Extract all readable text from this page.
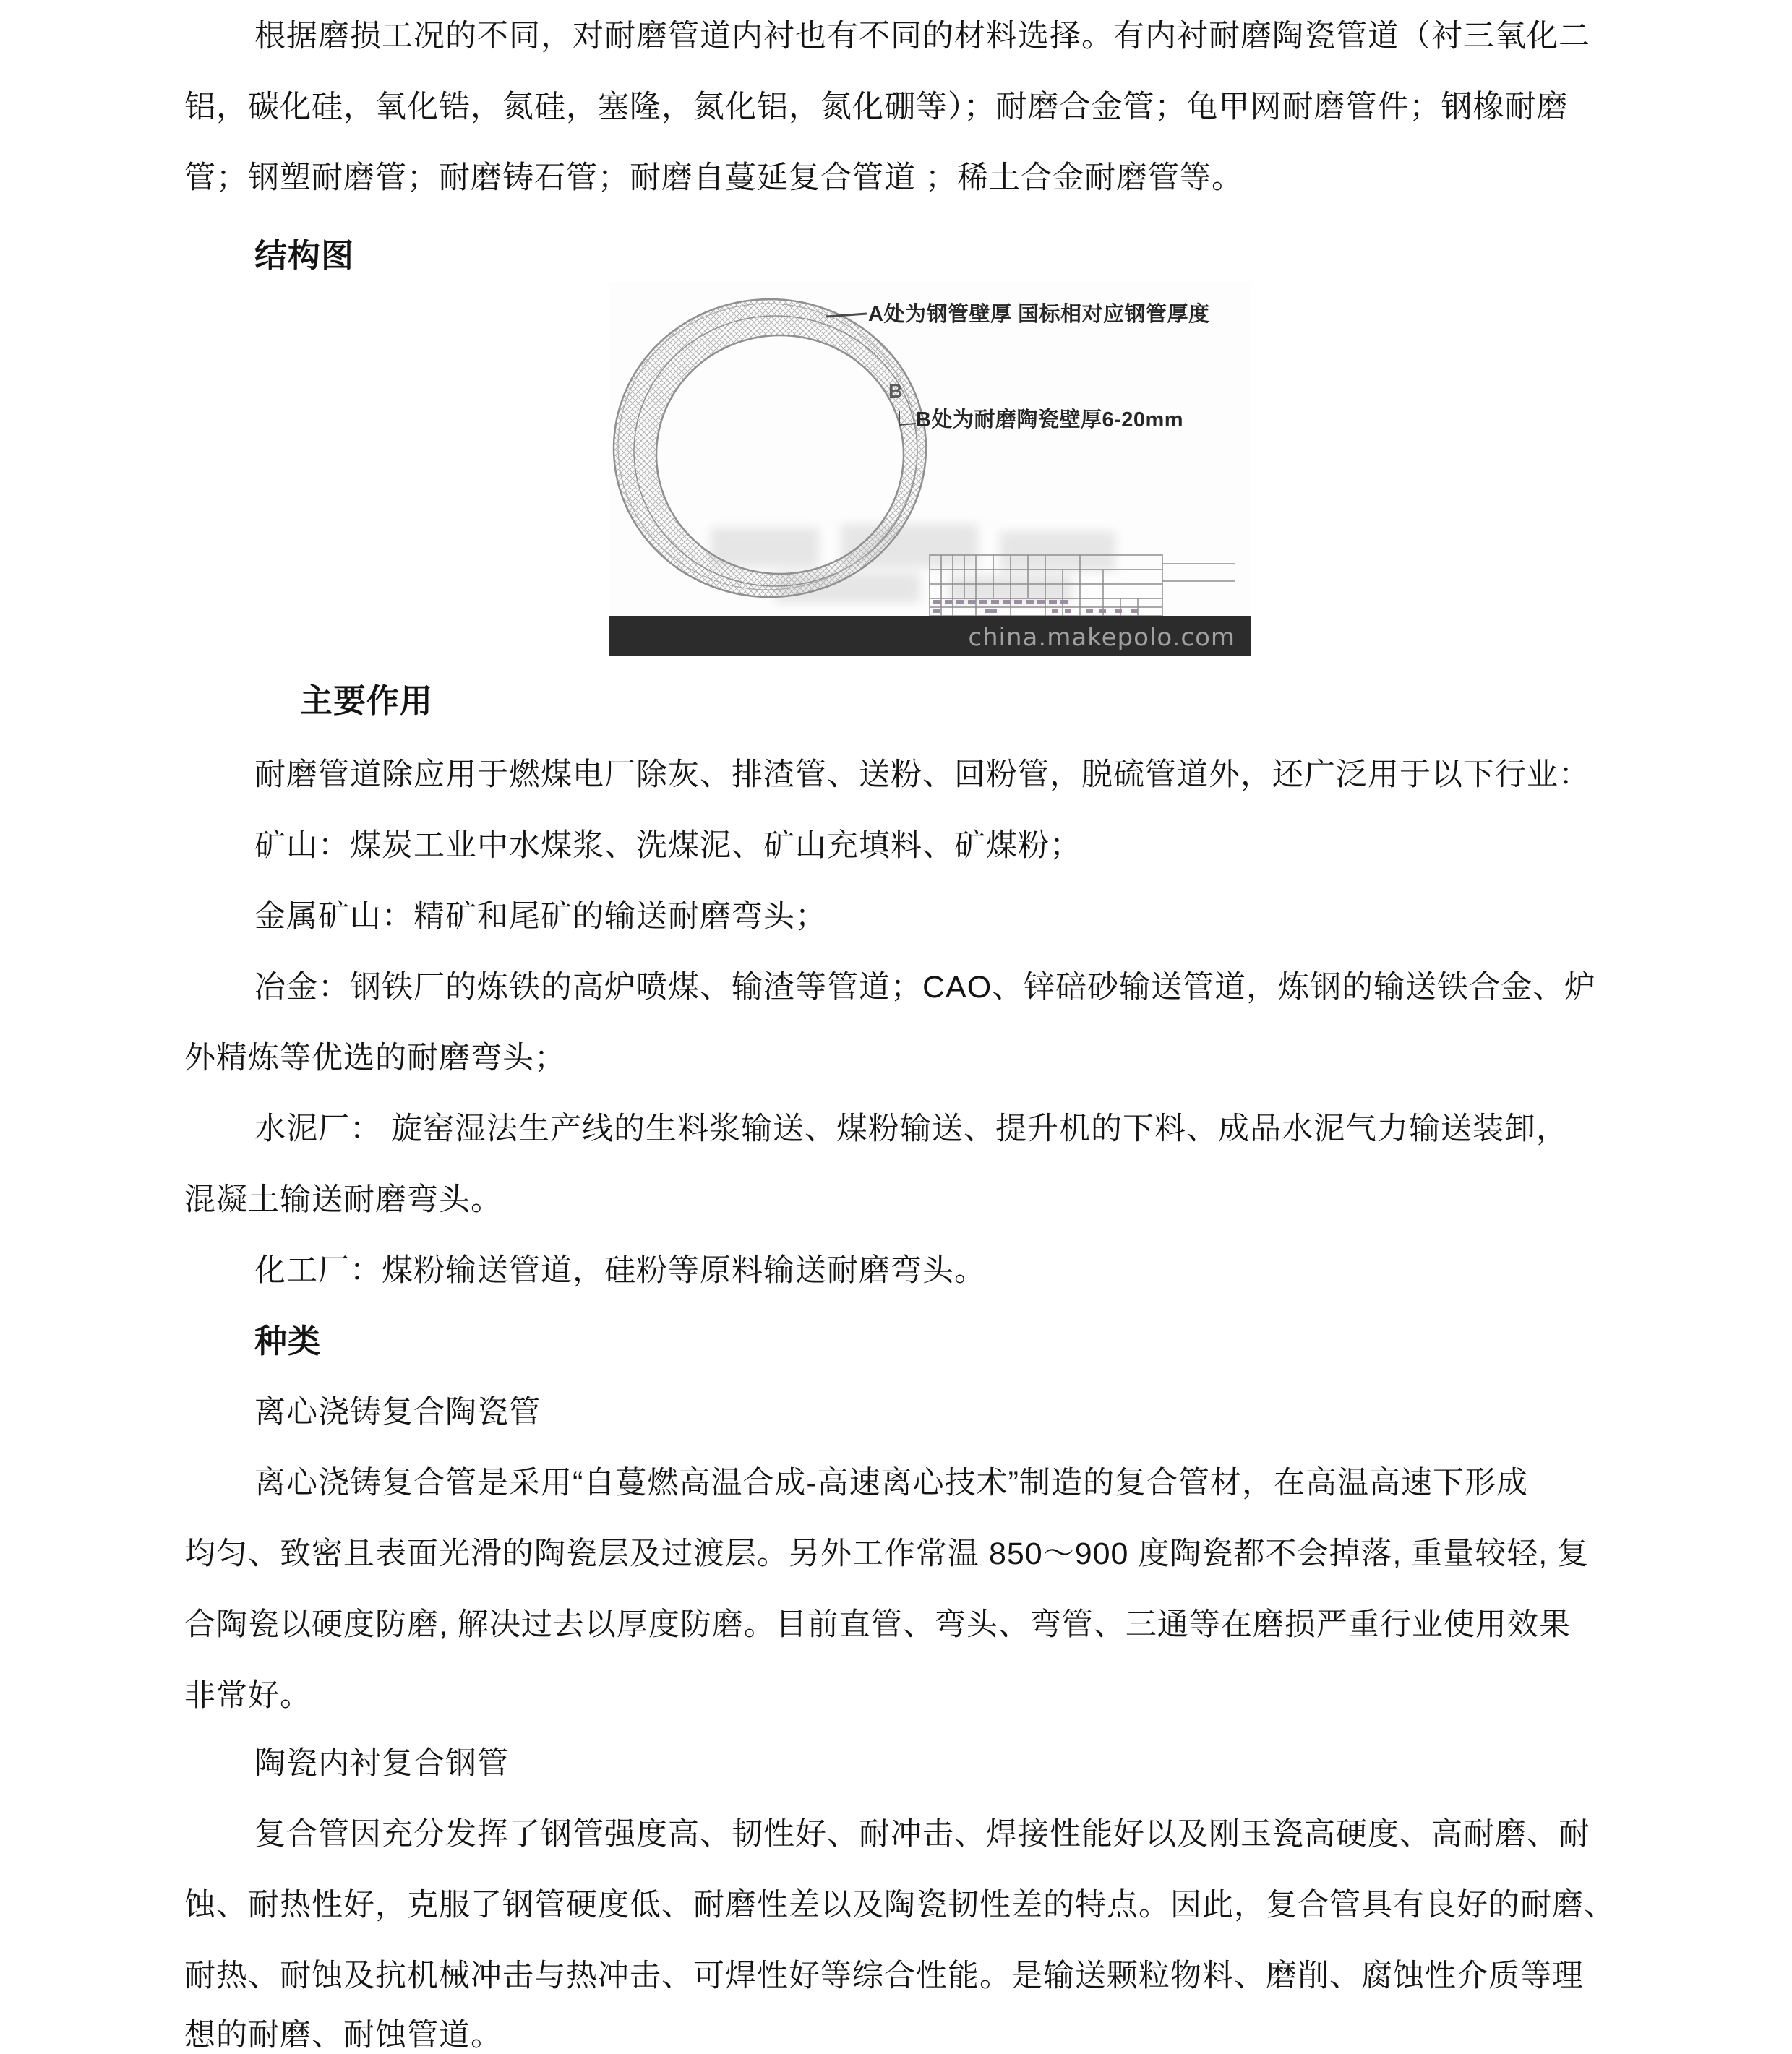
B
A处为钢管壁厚 国标相对应钢管厚度
B处为耐磨陶瓷壁厚6-20mm
china.makepolo.com
根据磨损工况的不同，对耐磨管道内衬也有不同的材料选择。有内衬耐磨陶瓷管道（衬三氧化二
铝，碳化硅，氧化锆，氮硅，塞隆，氮化铝，氮化硼等）；耐磨合金管；龟甲网耐磨管件；钢橡耐磨
管；钢塑耐磨管；耐磨铸石管；耐磨自蔓延复合管道 ；稀土合金耐磨管等。
结构图
主要作用
耐磨管道除应用于燃煤电厂除灰、排渣管、送粉、回粉管，脱硫管道外，还广泛用于以下行业：
矿山：煤炭工业中水煤浆、洗煤泥、矿山充填料、矿煤粉；
金属矿山：精矿和尾矿的输送耐磨弯头；
冶金：钢铁厂的炼铁的高炉喷煤、输渣等管道；CAO、锌碚砂输送管道，炼钢的输送铁合金、炉
外精炼等优选的耐磨弯头；
水泥厂： 旋窑湿法生产线的生料浆输送、煤粉输送、提升机的下料、成品水泥气力输送装卸，
混凝土输送耐磨弯头。
化工厂：煤粉输送管道，硅粉等原料输送耐磨弯头。
种类
离心浇铸复合陶瓷管
离心浇铸复合管是采用“自蔓燃高温合成-高速离心技术”制造的复合管材，在高温高速下形成
均匀、致密且表面光滑的陶瓷层及过渡层。另外工作常温 850～900 度陶瓷都不会掉落, 重量较轻, 复
合陶瓷以硬度防磨, 解决过去以厚度防磨。目前直管、弯头、弯管、三通等在磨损严重行业使用效果
非常好。
陶瓷内衬复合钢管
复合管因充分发挥了钢管强度高、韧性好、耐冲击、焊接性能好以及刚玉瓷高硬度、高耐磨、耐
蚀、耐热性好，克服了钢管硬度低、耐磨性差以及陶瓷韧性差的特点。因此，复合管具有良好的耐磨、
耐热、耐蚀及抗机械冲击与热冲击、可焊性好等综合性能。是输送颗粒物料、磨削、腐蚀性介质等理
想的耐磨、耐蚀管道。
